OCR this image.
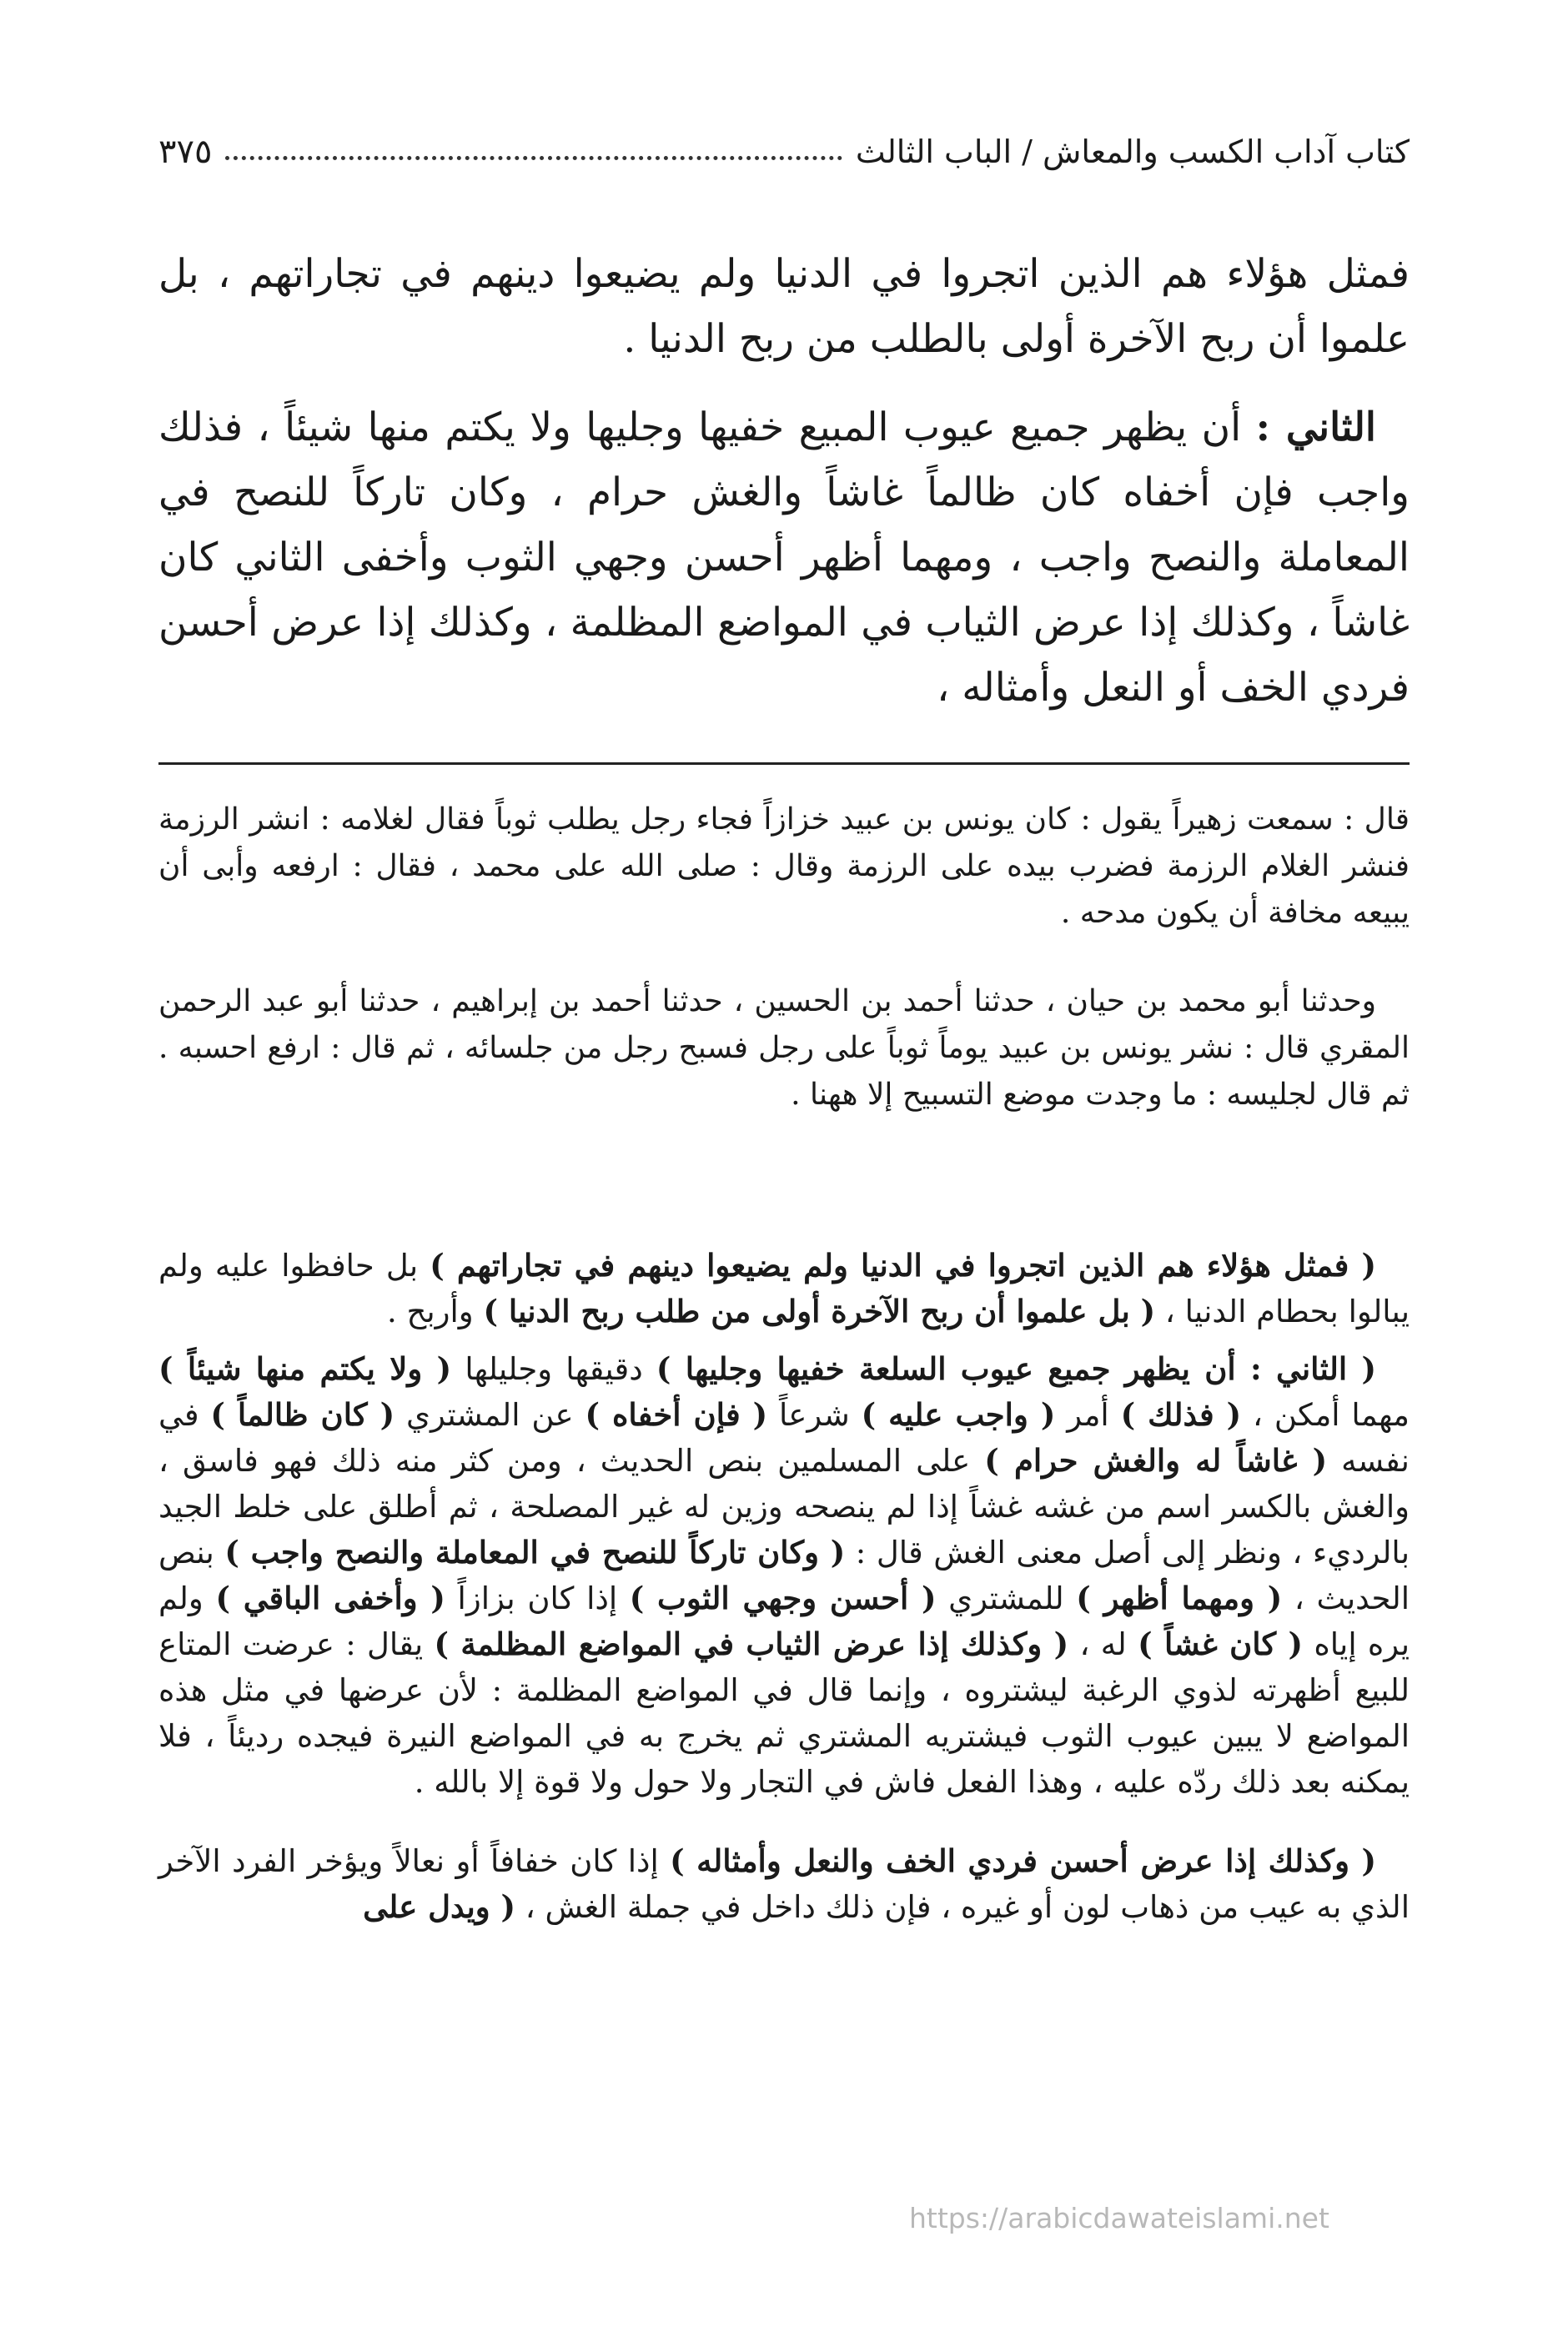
كتاب آداب الكسب والمعاش / الباب الثالث
٣٧٥

فمثل هؤلاء هم الذين اتجروا في الدنيا ولم يضيعوا دينهم في تجاراتهم ، بل علموا أن ربح الآخرة أولى بالطلب من ربح الدنيا .

الثاني : أن يظهر جميع عيوب المبيع خفيها وجليها ولا يكتم منها شيئاً ، فذلك واجب فإن أخفاه كان ظالماً غاشاً والغش حرام ، وكان تاركاً للنصح في المعاملة والنصح واجب ، ومهما أظهر أحسن وجهي الثوب وأخفى الثاني كان غاشاً ، وكذلك إذا عرض الثياب في المواضع المظلمة ، وكذلك إذا عرض أحسن فردي الخف أو النعل وأمثاله ،

قال : سمعت زهيراً يقول : كان يونس بن عبيد خزازاً فجاء رجل يطلب ثوباً فقال لغلامه : انشر الرزمة فنشر الغلام الرزمة فضرب بيده على الرزمة وقال : صلى الله على محمد ، فقال : ارفعه وأبى أن يبيعه مخافة أن يكون مدحه .

وحدثنا أبو محمد بن حيان ، حدثنا أحمد بن الحسين ، حدثنا أحمد بن إبراهيم ، حدثنا أبو عبد الرحمن المقري قال : نشر يونس بن عبيد يوماً ثوباً على رجل فسبح رجل من جلسائه ، ثم قال : ارفع احسبه . ثم قال لجليسه : ما وجدت موضع التسبيح إلا ههنا .

( فمثل هؤلاء هم الذين اتجروا في الدنيا ولم يضيعوا دينهم في تجاراتهم ) بل حافظوا عليه ولم يبالوا بحطام الدنيا ، ( بل علموا أن ربح الآخرة أولى من طلب ربح الدنيا ) وأربح .

( الثاني : أن يظهر جميع عيوب السلعة خفيها وجليها ) دقيقها وجليلها ( ولا يكتم منها شيئاً ) مهما أمكن ، ( فذلك ) أمر ( واجب عليه ) شرعاً ( فإن أخفاه ) عن المشتري ( كان ظالماً ) في نفسه ( غاشاً له والغش حرام ) على المسلمين بنص الحديث ، ومن كثر منه ذلك فهو فاسق ، والغش بالكسر اسم من غشه غشاً إذا لم ينصحه وزين له غير المصلحة ، ثم أطلق على خلط الجيد بالرديء ، ونظر إلى أصل معنى الغش قال : ( وكان تاركاً للنصح في المعاملة والنصح واجب ) بنص الحديث ، ( ومهما أظهر ) للمشتري ( أحسن وجهي الثوب ) إذا كان بزازاً ( وأخفى الباقي ) ولم يره إياه ( كان غشاً ) له ، ( وكذلك إذا عرض الثياب في المواضع المظلمة ) يقال : عرضت المتاع للبيع أظهرته لذوي الرغبة ليشتروه ، وإنما قال في المواضع المظلمة : لأن عرضها في مثل هذه المواضع لا يبين عيوب الثوب فيشتريه المشتري ثم يخرج به في المواضع النيرة فيجده رديئاً ، فلا يمكنه بعد ذلك ردّه عليه ، وهذا الفعل فاش في التجار ولا حول ولا قوة إلا بالله .

( وكذلك إذا عرض أحسن فردي الخف والنعل وأمثاله ) إذا كان خفافاً أو نعالاً ويؤخر الفرد الآخر الذي به عيب من ذهاب لون أو غيره ، فإن ذلك داخل في جملة الغش ، ( ويدل على

https://arabicdawateislami.net
